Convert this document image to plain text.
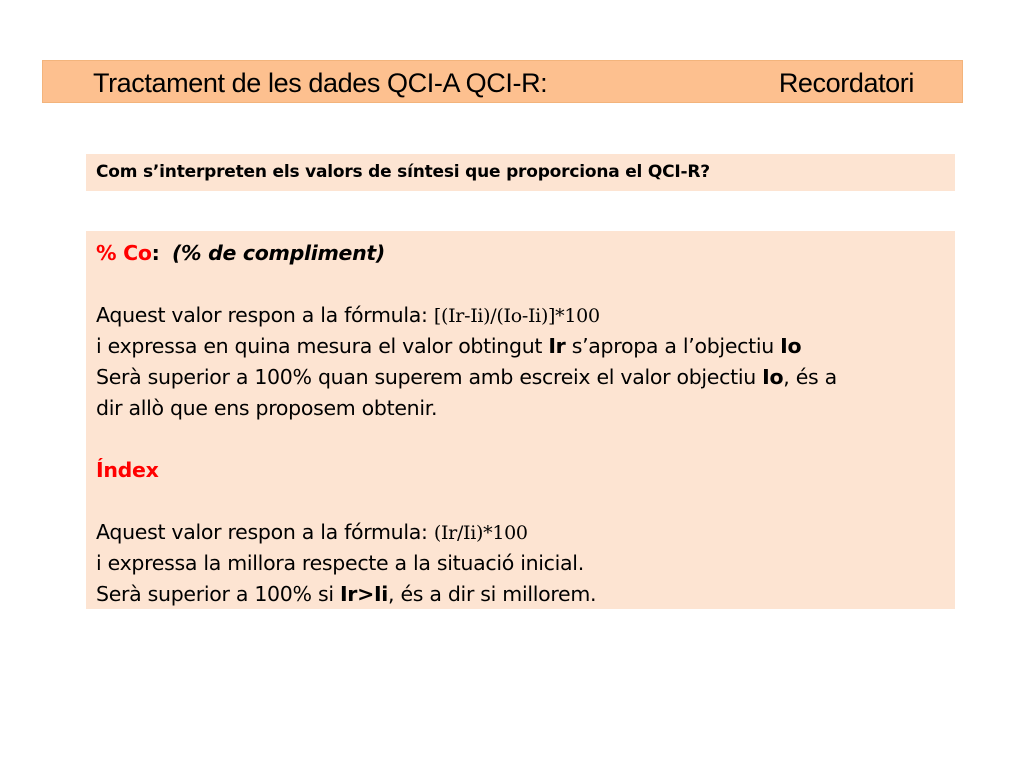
Tractament de les dades QCI-A QCI-R:	Recordatori
Com s’interpreten els valors de síntesi que proporciona el QCI-R?
% Co: (% de compliment)
Aquest valor respon a la fórmula: [(Ir-Ii)/(Io-Ii)]*100
i expressa en quina mesura el valor obtingut Ir s’apropa a l’objectiu Io
Serà superior a 100% quan superem amb escreix el valor objectiu Io, és a
dir allò que ens proposem obtenir.
Índex
Aquest valor respon a la fórmula: (Ir/Ii)*100
i expressa la millora respecte a la situació inicial.
Serà superior a 100% si Ir>Ii, és a dir si millorem.
